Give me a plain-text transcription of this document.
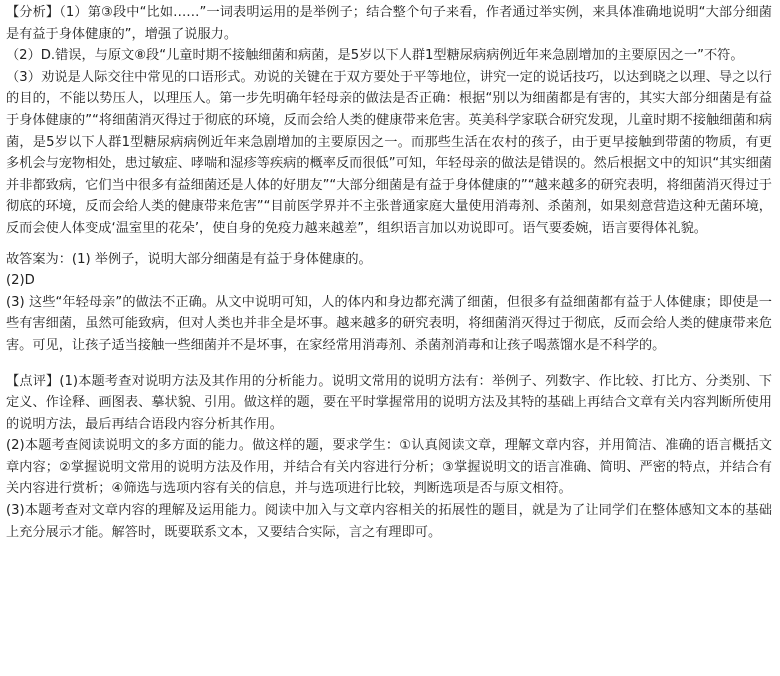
【分析】（1）第③段中“比如……”一词表明运用的是举例子；结合整个句子来看，作者通过举实例，来具体准确地说明“大部分细菌是有益于身体健康的”，增强了说服力。

（2）D.错误，与原文⑧段“儿童时期不接触细菌和病菌，是5岁以下人群1型糖尿病病例近年来急剧增加的主要原因之一”不符。

（3）劝说是人际交往中常见的口语形式。劝说的关键在于双方要处于平等地位，讲究一定的说话技巧，以达到晓之以理、导之以行的目的，不能以势压人，以理压人。第一步先明确年轻母亲的做法是否正确：根据“别以为细菌都是有害的，其实大部分细菌是有益于身体健康的”“将细菌消灭得过于彻底的环境，反而会给人类的健康带来危害。英美科学家联合研究发现，儿童时期不接触细菌和病菌，是5岁以下人群1型糖尿病病例近年来急剧增加的主要原因之一。而那些生活在农村的孩子，由于更早接触到带菌的物质，有更多机会与宠物相处，患过敏症、哮喘和湿疹等疾病的概率反而很低”可知，年轻母亲的做法是错误的。然后根据文中的知识“其实细菌并非都致病，它们当中很多有益细菌还是人体的好朋友”“大部分细菌是有益于身体健康的”“越来越多的研究表明，将细菌消灭得过于彻底的环境，反而会给人类的健康带来危害”“目前医学界并不主张普通家庭大量使用消毒剂、杀菌剂，如果刻意营造这种无菌环境，反而会使人体变成‘温室里的花朵’，使自身的免疫力越来越差”，组织语言加以劝说即可。语气要委婉，语言要得体礼貌。

故答案为：(1) 举例子，说明大部分细菌是有益于身体健康的。

(2)D

(3) 这些“年轻母亲”的做法不正确。从文中说明可知，人的体内和身边都充满了细菌，但很多有益细菌都有益于人体健康；即使是一些有害细菌，虽然可能致病，但对人类也并非全是坏事。越来越多的研究表明，将细菌消灭得过于彻底，反而会给人类的健康带来危害。可见，让孩子适当接触一些细菌并不是坏事，在家经常用消毒剂、杀菌剂消毒和让孩子喝蒸馏水是不科学的。

【点评】(1)本题考查对说明方法及其作用的分析能力。说明文常用的说明方法有：举例子、列数字、作比较、打比方、分类别、下定义、作诠释、画图表、摹状貌、引用。做这样的题，要在平时掌握常用的说明方法及其特的基础上再结合文章有关内容判断所使用的说明方法，最后再结合语段内容分析其作用。

(2)本题考查阅读说明文的多方面的能力。做这样的题，要求学生：①认真阅读文章，理解文章内容，并用简洁、准确的语言概括文章内容；②掌握说明文常用的说明方法及作用，并结合有关内容进行分析；③掌握说明文的语言准确、简明、严密的特点，并结合有关内容进行赏析；④筛选与选项内容有关的信息，并与选项进行比较，判断选项是否与原文相符。

(3)本题考查对文章内容的理解及运用能力。阅读中加入与文章内容相关的拓展性的题目，就是为了让同学们在整体感知文本的基础上充分展示才能。解答时，既要联系文本，又要结合实际，言之有理即可。
